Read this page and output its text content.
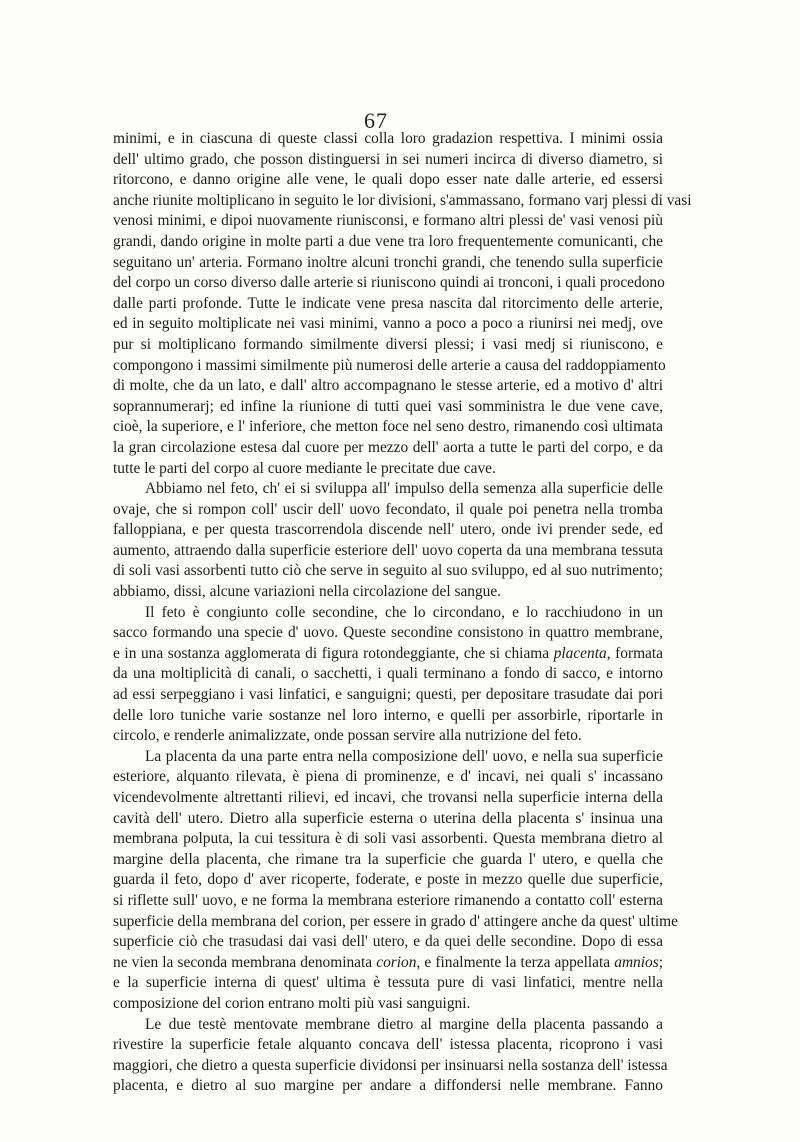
67
minimi, e in ciascuna di queste classi colla loro gradazion respettiva. I minimi ossia
dell' ultimo grado, che posson distinguersi in sei numeri incirca di diverso diametro, si
ritorcono, e danno origine alle vene, le quali dopo esser nate dalle arterie, ed essersi
anche riunite moltiplicano in seguito le lor divisioni, s'ammassano, formano varj plessi di vasi
venosi minimi, e dipoi nuovamente riunisconsi, e formano altri plessi de' vasi venosi più
grandi, dando origine in molte parti a due vene tra loro frequentemente comunicanti, che
seguitano un' arteria. Formano inoltre alcuni tronchi grandi, che tenendo sulla superficie
del corpo un corso diverso dalle arterie si riuniscono quindi ai tronconi, i quali procedono
dalle parti profonde. Tutte le indicate vene presa nascita dal ritorcimento delle arterie,
ed in seguito moltiplicate nei vasi minimi, vanno a poco a poco a riunirsi nei medj, ove
pur si moltiplicano formando similmente diversi plessi; i vasi medj si riuniscono, e
compongono i massimi similmente più numerosi delle arterie a causa del raddoppiamento
di molte, che da un lato, e dall' altro accompagnano le stesse arterie, ed a motivo d' altri
soprannumerarj; ed infine la riunione di tutti quei vasi somministra le due vene cave,
cioè, la superiore, e l' inferiore, che metton foce nel seno destro, rimanendo così ultimata
la gran circolazione estesa dal cuore per mezzo dell' aorta a tutte le parti del corpo, e da
tutte le parti del corpo al cuore mediante le precitate due cave.
Abbiamo nel feto, ch' ei si sviluppa all' impulso della semenza alla superficie delle
ovaje, che si rompon coll' uscir dell' uovo fecondato, il quale poi penetra nella tromba
falloppiana, e per questa trascorrendola discende nell' utero, onde ivi prender sede, ed
aumento, attraendo dalla superficie esteriore dell' uovo coperta da una membrana tessuta
di soli vasi assorbenti tutto ciò che serve in seguito al suo sviluppo, ed al suo nutrimento;
abbiamo, dissi, alcune variazioni nella circolazione del sangue.
Il feto è congiunto colle secondine, che lo circondano, e lo racchiudono in un
sacco formando una specie d' uovo. Queste secondine consistono in quattro membrane,
e in una sostanza agglomerata di figura rotondeggiante, che si chiama placenta, formata
da una moltiplicità di canali, o sacchetti, i quali terminano a fondo di sacco, e intorno
ad essi serpeggiano i vasi linfatici, e sanguigni; questi, per depositare trasudate dai pori
delle loro tuniche varie sostanze nel loro interno, e quelli per assorbirle, riportarle in
circolo, e renderle animalizzate, onde possan servire alla nutrizione del feto.
La placenta da una parte entra nella composizione dell' uovo, e nella sua superficie
esteriore, alquanto rilevata, è piena di prominenze, e d' incavi, nei quali s' incassano
vicendevolmente altrettanti rilievi, ed incavi, che trovansi nella superficie interna della
cavità dell' utero. Dietro alla superficie esterna o uterina della placenta s' insinua una
membrana polputa, la cui tessitura è di soli vasi assorbenti. Questa membrana dietro al
margine della placenta, che rimane tra la superficie che guarda l' utero, e quella che
guarda il feto, dopo d' aver ricoperte, foderate, e poste in mezzo quelle due superficie,
si riflette sull' uovo, e ne forma la membrana esteriore rimanendo a contatto coll' esterna
superficie della membrana del corion, per essere in grado d' attingere anche da quest' ultime
superficie ciò che trasudasi dai vasi dell' utero, e da quei delle secondine. Dopo di essa
ne vien la seconda membrana denominata corion, e finalmente la terza appellata amnios;
e la superficie interna di quest' ultima è tessuta pure di vasi linfatici, mentre nella
composizione del corion entrano molti più vasi sanguigni.
Le due testè mentovate membrane dietro al margine della placenta passando a
rivestire la superficie fetale alquanto concava dell' istessa placenta, ricoprono i vasi
maggiori, che dietro a questa superficie dividonsi per insinuarsi nella sostanza dell' istessa
placenta, e dietro al suo margine per andare a diffondersi nelle membrane. Fanno
